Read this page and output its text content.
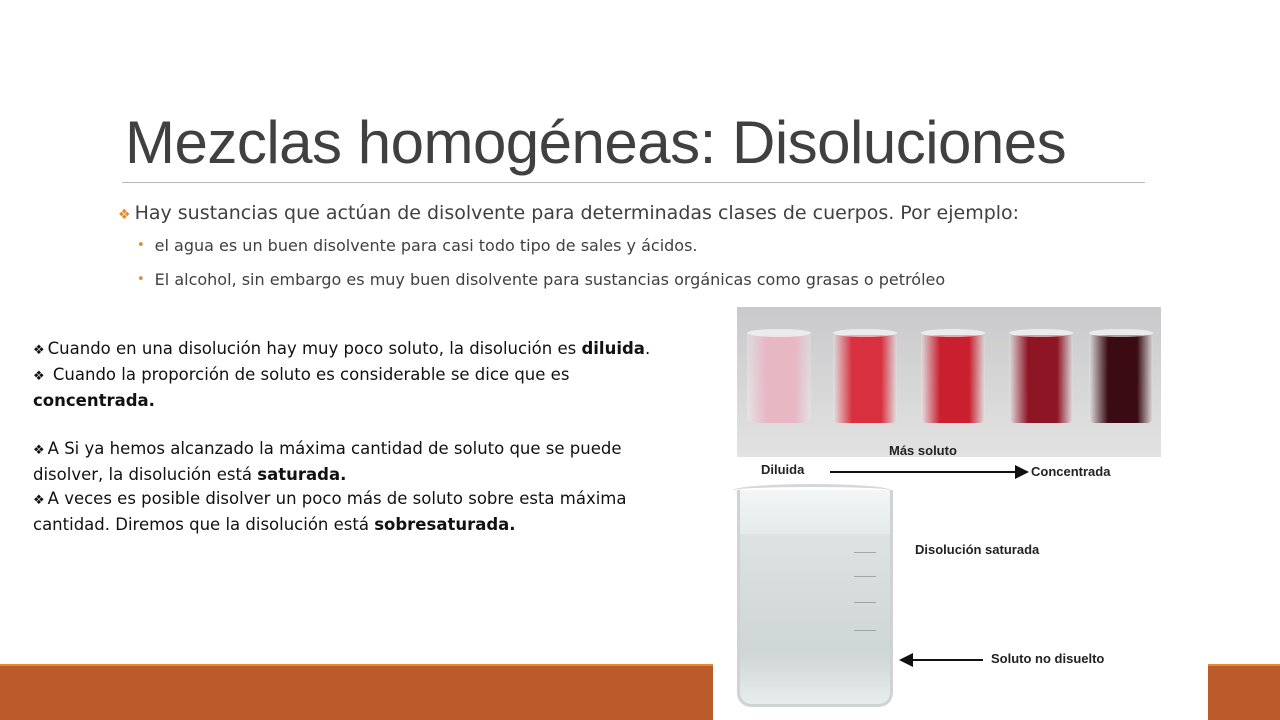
Mezclas homogéneas: Disoluciones
❖ Hay sustancias que actúan de disolvente para determinadas clases de cuerpos. Por ejemplo:
• el agua es un buen disolvente para casi todo tipo de sales y ácidos.
• El alcohol, sin embargo es muy buen disolvente para sustancias orgánicas como grasas o petróleo

❖ Cuando en una disolución hay muy poco soluto, la disolución es diluida.

❖ Cuando la proporción de soluto es considerable se dice que es concentrada.

❖ A Si ya hemos alcanzado la máxima cantidad de soluto que se puede disolver, la disolución está saturada.

❖ A veces es posible disolver un poco más de soluto sobre esta máxima cantidad. Diremos que la disolución está sobresaturada.

Más soluto
Diluida	Concentrada
Disolución saturada
Soluto no disuelto
